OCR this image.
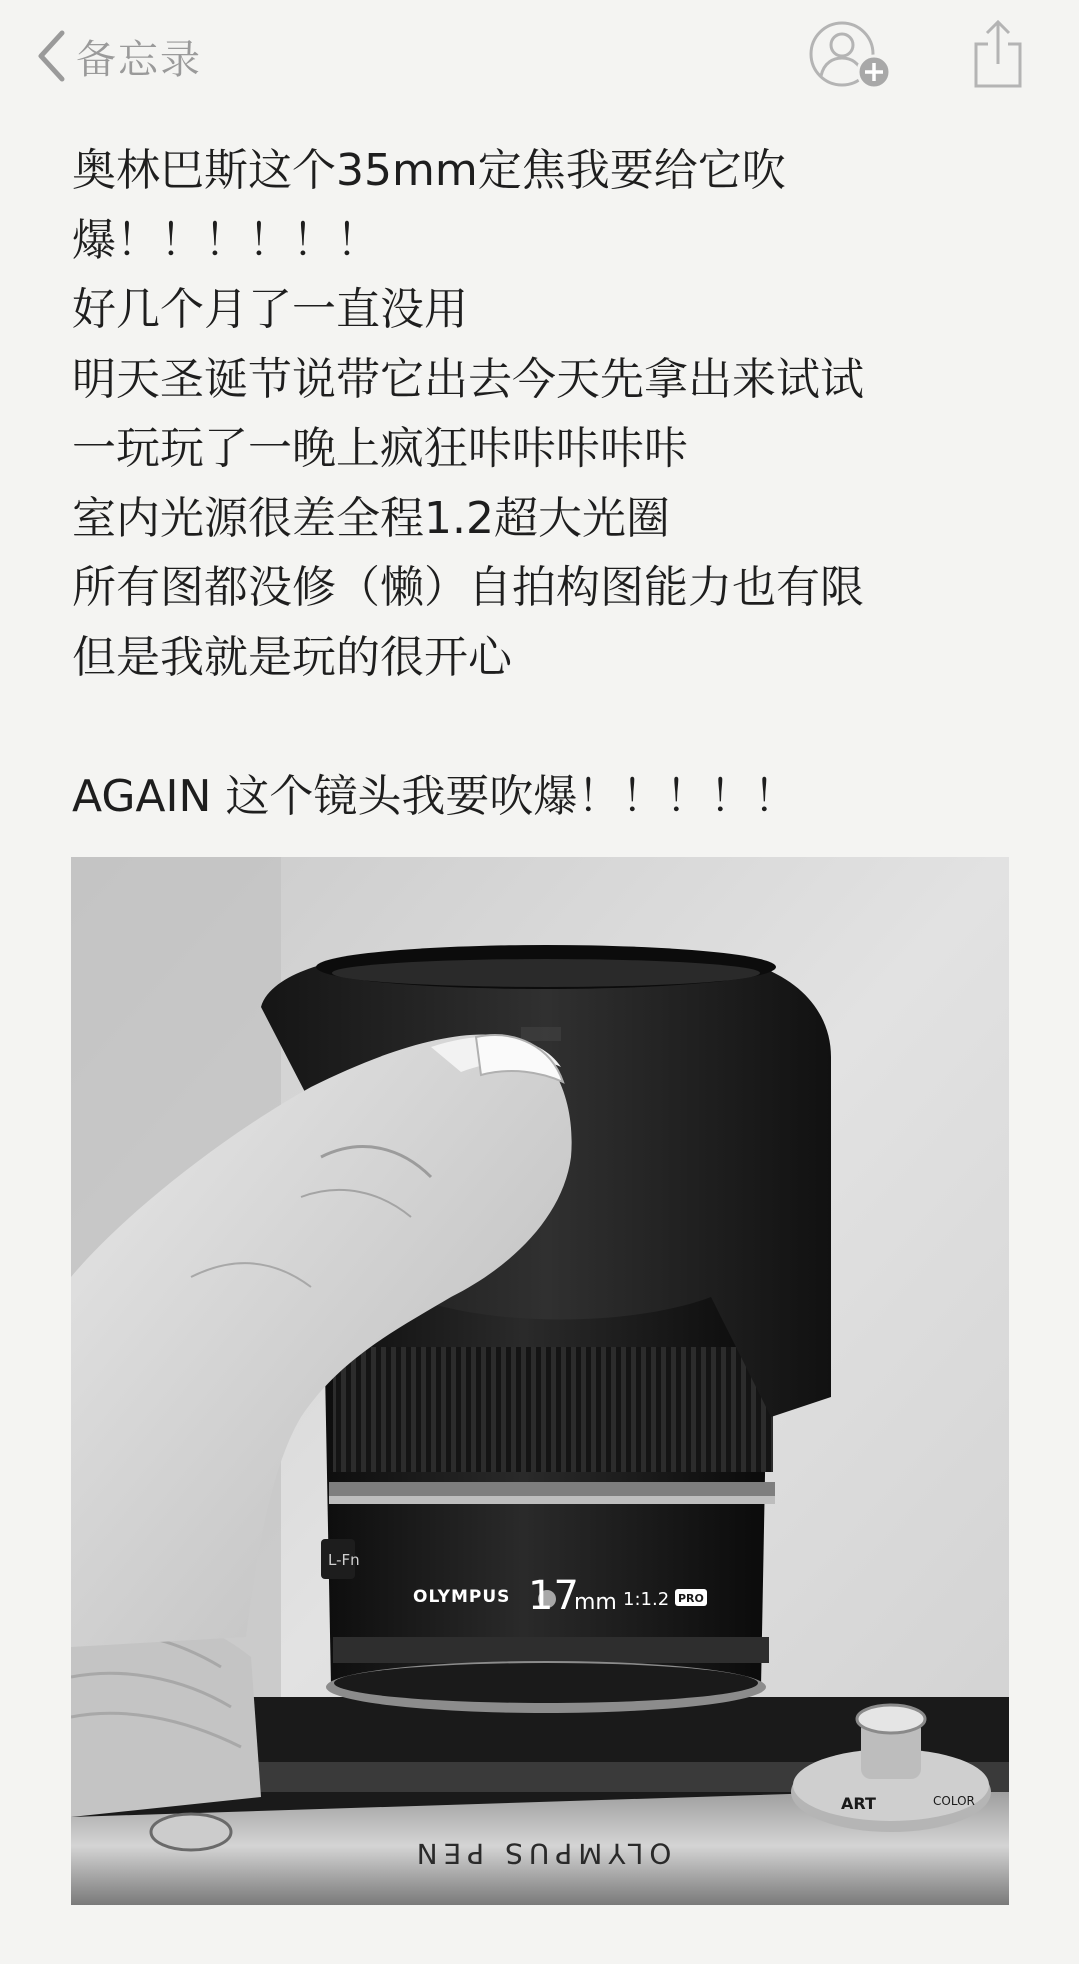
备忘录
奥林巴斯这个35mm定焦我要给它吹
爆！！！！！！
好几个月了一直没用
明天圣诞节说带它出去今天先拿出来试试
一玩玩了一晚上疯狂咔咔咔咔咔
室内光源很差全程1.2超大光圈
所有图都没修（懒）自拍构图能力也有限
但是我就是玩的很开心
AGAIN 这个镜头我要吹爆！！！！！
OLYMPUS PEN
ART	COLOR
L-Fn
OLYMPUS 17
mm 1:1.2 PRO
